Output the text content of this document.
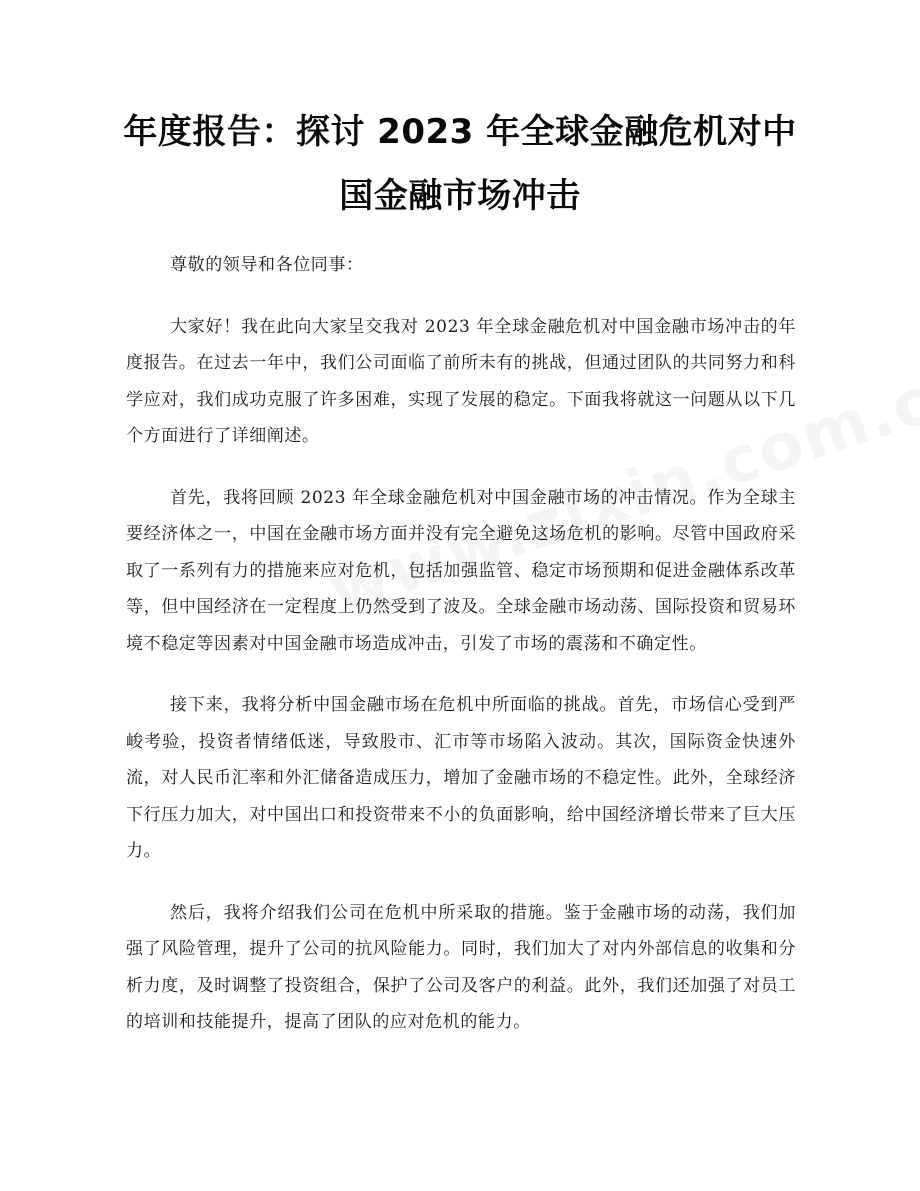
年度报告：探讨 2023 年全球金融危机对中国金融市场冲击

尊敬的领导和各位同事：

大家好！我在此向大家呈交我对 2023 年全球金融危机对中国金融市场冲击的年度报告。在过去一年中，我们公司面临了前所未有的挑战，但通过团队的共同努力和科学应对，我们成功克服了许多困难，实现了发展的稳定。下面我将就这一问题从以下几个方面进行了详细阐述。

首先，我将回顾 2023 年全球金融危机对中国金融市场的冲击情况。作为全球主要经济体之一，中国在金融市场方面并没有完全避免这场危机的影响。尽管中国政府采取了一系列有力的措施来应对危机，包括加强监管、稳定市场预期和促进金融体系改革等，但中国经济在一定程度上仍然受到了波及。全球金融市场动荡、国际投资和贸易环境不稳定等因素对中国金融市场造成冲击，引发了市场的震荡和不确定性。

接下来，我将分析中国金融市场在危机中所面临的挑战。首先，市场信心受到严峻考验，投资者情绪低迷，导致股市、汇市等市场陷入波动。其次，国际资金快速外流，对人民币汇率和外汇储备造成压力，增加了金融市场的不稳定性。此外，全球经济下行压力加大，对中国出口和投资带来不小的负面影响，给中国经济增长带来了巨大压力。

然后，我将介绍我们公司在危机中所采取的措施。鉴于金融市场的动荡，我们加强了风险管理，提升了公司的抗风险能力。同时，我们加大了对内外部信息的收集和分析力度，及时调整了投资组合，保护了公司及客户的利益。此外，我们还加强了对员工的培训和技能提升，提高了团队的应对危机的能力。
